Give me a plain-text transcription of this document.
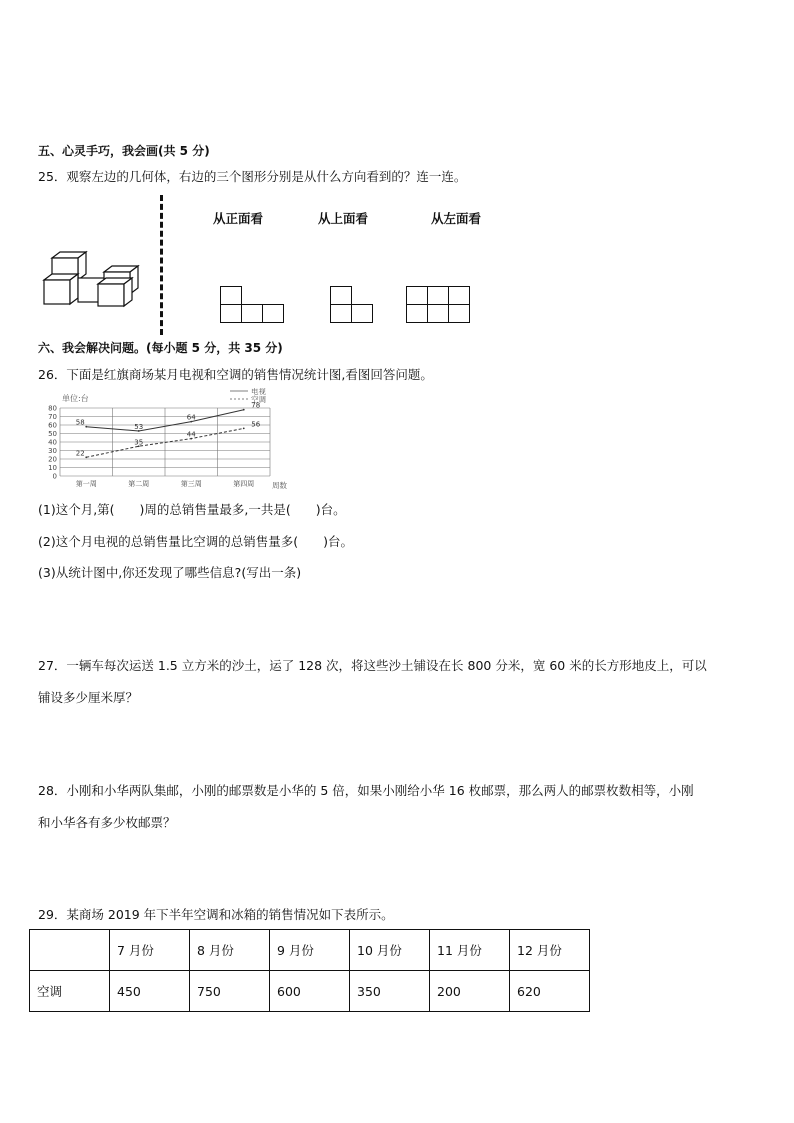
五、心灵手巧，我会画(共 5 分)
25．观察左边的几何体，右边的三个图形分别是从什么方向看到的？连一连。
从正面看	从上面看	从左面看
六、我会解决问题。(每小题 5 分，共 35 分)
26．下面是红旗商场某月电视和空调的销售情况统计图,看图回答问题。
0
10
20
30
40
50
60
70
80
第一周	第二周	第三周	第四周
58
53
64
78
22
35
44
56
单位:台
周数
电视
空调
(1)这个月,第(　　)周的总销售量最多,一共是(　　)台。
(2)这个月电视的总销售量比空调的总销售量多(　　)台。
(3)从统计图中,你还发现了哪些信息?(写出一条)
27．一辆车每次运送 1.5 立方米的沙土，运了 128 次，将这些沙土铺设在长 800 分米，宽 60 米的长方形地皮上，可以
铺设多少厘米厚？
28．小刚和小华两队集邮，小刚的邮票数是小华的 5 倍，如果小刚给小华 16 枚邮票，那么两人的邮票枚数相等，小刚
和小华各有多少枚邮票？
29．某商场 2019 年下半年空调和冰箱的销售情况如下表所示。
	7 月份	8 月份	9 月份	10 月份	11 月份	12 月份
空调	450	750	600	350	200	620
